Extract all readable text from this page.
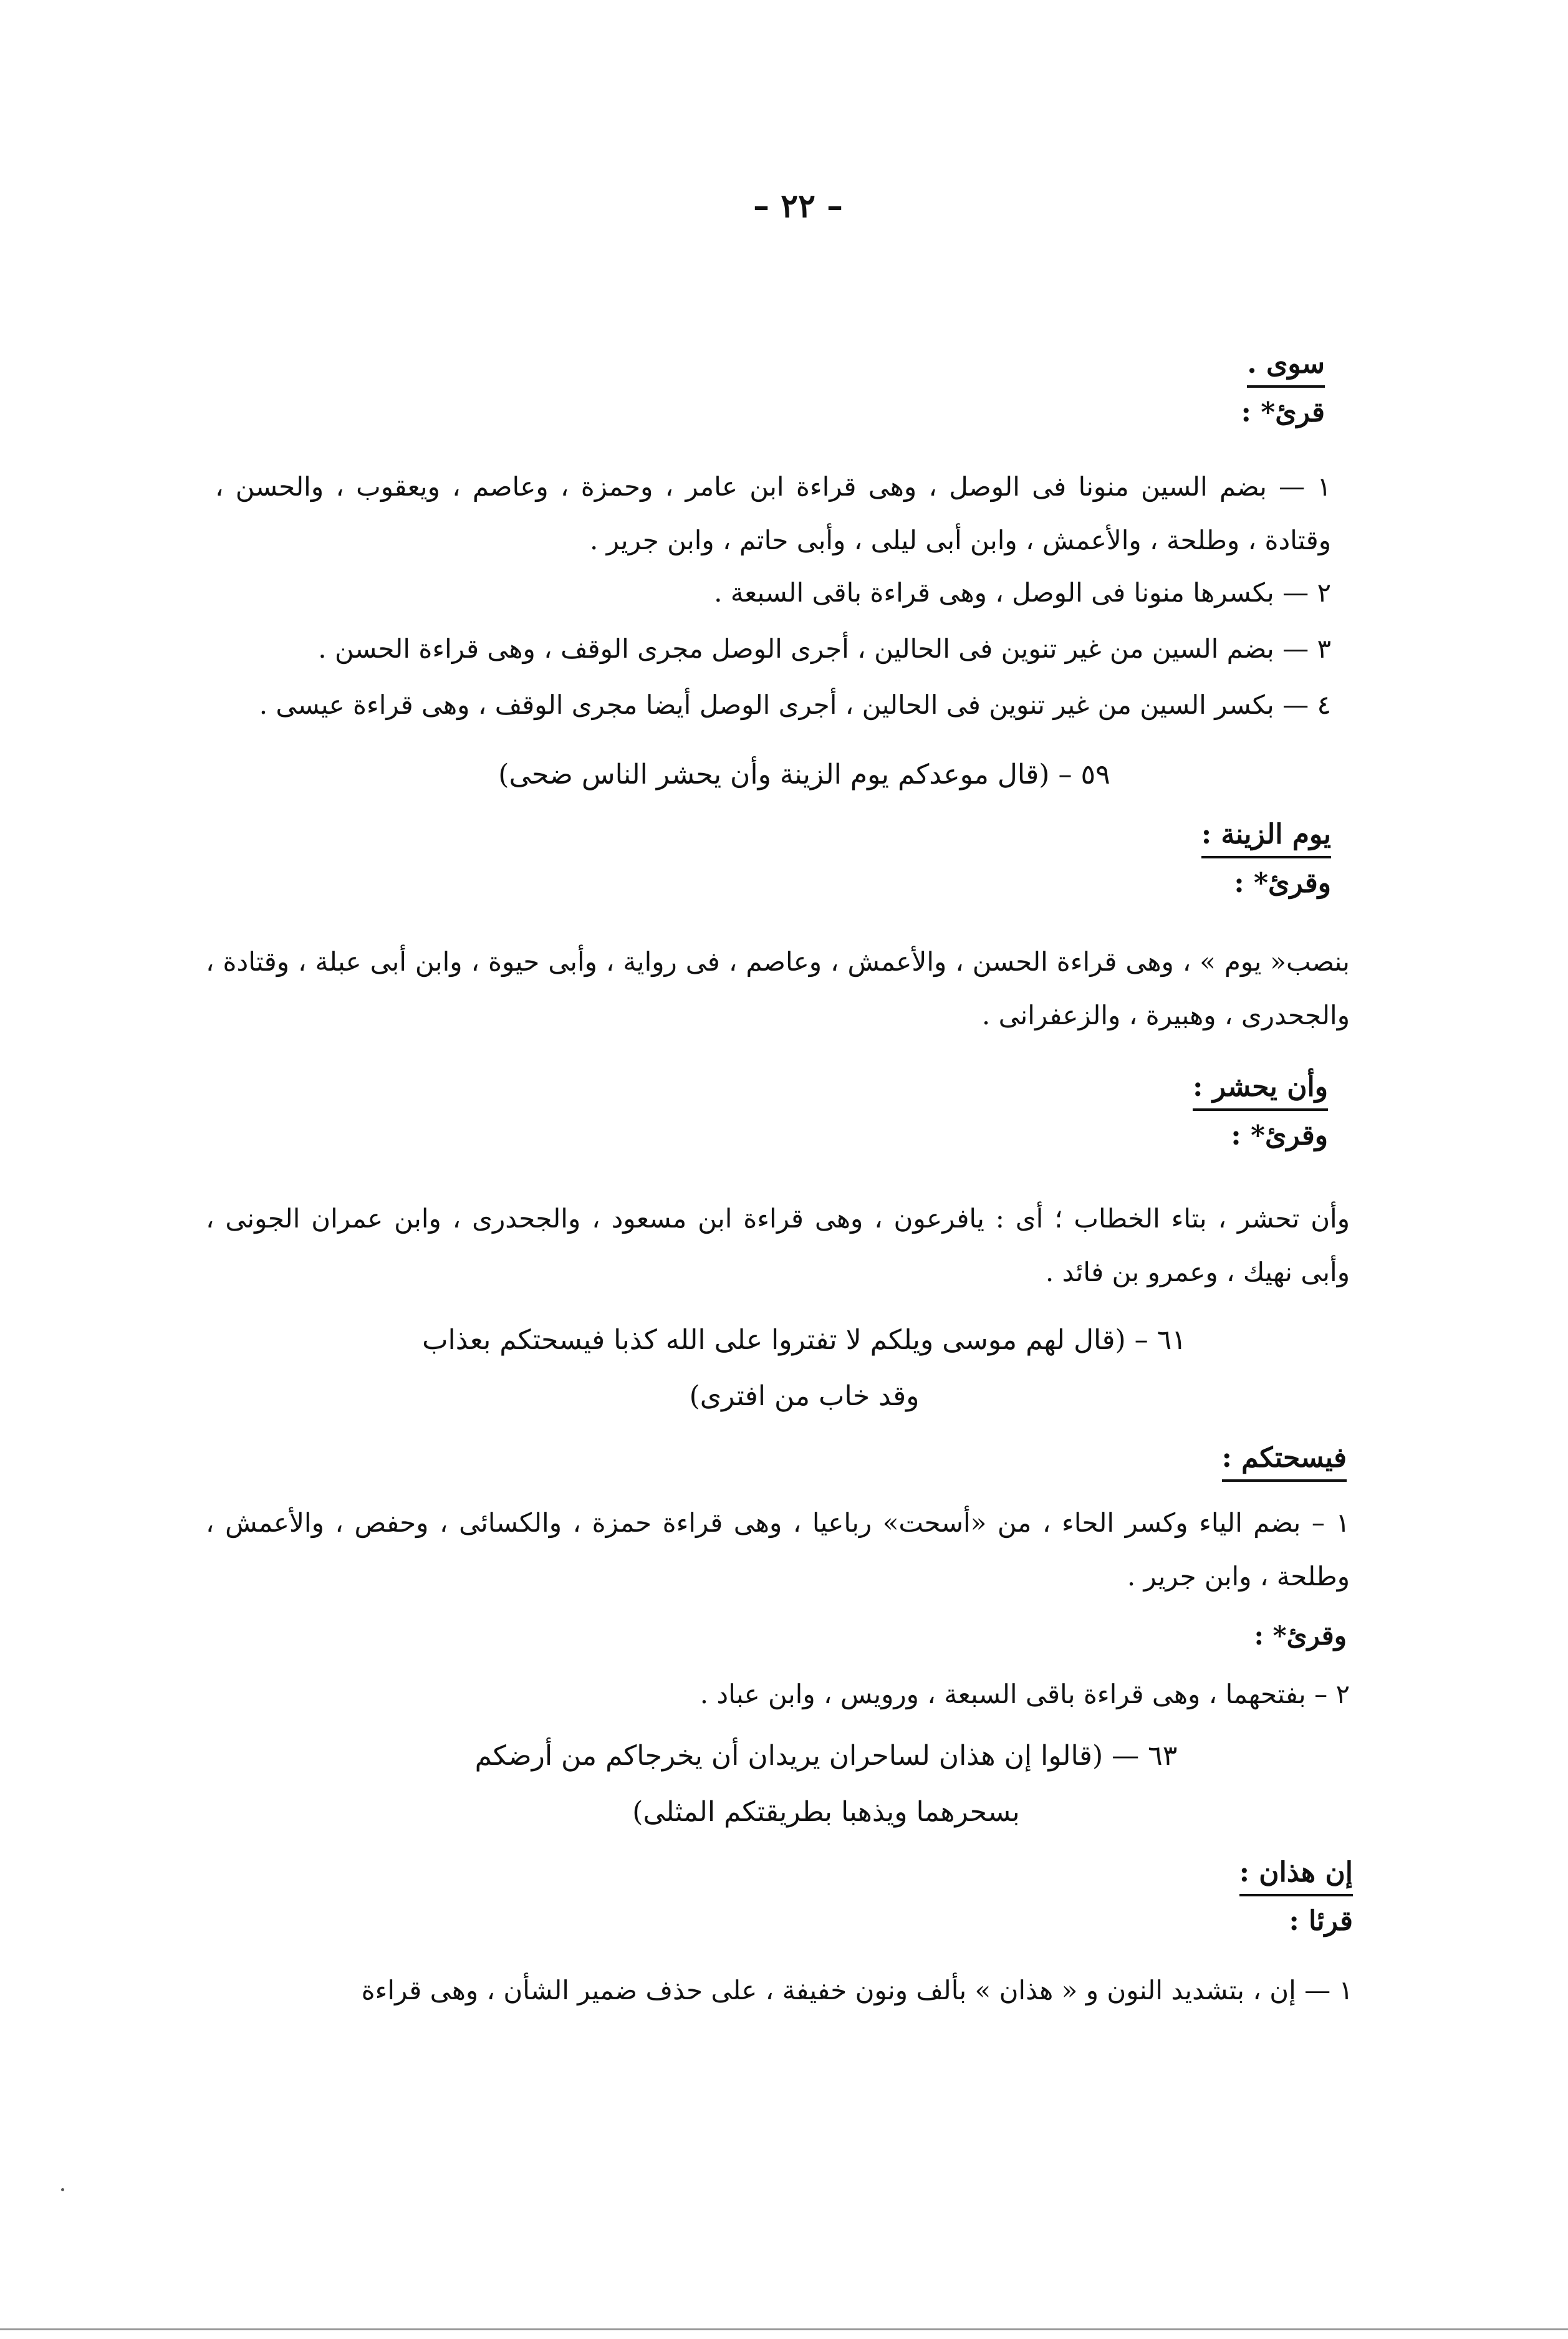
– ٢٢ –
سوى .
قرئ* :
١ — بضم السين منونا فى الوصل ، وهى قراءة ابن عامر ، وحمزة ، وعاصم ، ويعقوب ، والحسن ، وقتادة ، وطلحة ، والأعمش ، وابن أبى ليلى ، وأبى حاتم ، وابن جرير .
٢ — بكسرها منونا فى الوصل ، وهى قراءة باقى السبعة .
٣ — بضم السين من غير تنوين فى الحالين ، أجرى الوصل مجرى الوقف ، وهى قراءة الحسن .
٤ — بكسر السين من غير تنوين فى الحالين ، أجرى الوصل أيضا مجرى الوقف ، وهى قراءة عيسى .
٥٩ – (قال موعدكم يوم الزينة وأن يحشر الناس ضحى)
يوم الزينة :
وقرئ* :
بنصب« يوم » ، وهى قراءة الحسن ، والأعمش ، وعاصم ، فى رواية ، وأبى حيوة ، وابن أبى عبلة ، وقتادة ، والجحدرى ، وهبيرة ، والزعفرانى .
وأن يحشر :
وقرئ* :
وأن تحشر ، بتاء الخطاب ؛ أى : يافرعون ، وهى قراءة ابن مسعود ، والجحدرى ، وابن عمران الجونى ، وأبى نهيك ، وعمرو بن فائد .
٦١ – (قال لهم موسى ويلكم لا تفتروا على الله كذبا فيسحتكم بعذاب
وقد خاب من افترى)
فيسحتكم :
١ – بضم الياء وكسر الحاء ، من «أسحت» رباعيا ، وهى قراءة حمزة ، والكسائى ، وحفص ، والأعمش ، وطلحة ، وابن جرير .
وقرئ* :
٢ – بفتحهما ، وهى قراءة باقى السبعة ، ورويس ، وابن عباد .
٦٣ — (قالوا إن هذان لساحران يريدان أن يخرجاكم من أرضكم
بسحرهما ويذهبا بطريقتكم المثلى)
إن هذان :
قرئا :
١ — إن ، بتشديد النون و « هذان » بألف ونون خفيفة ، على حذف ضمير الشأن ، وهى قراءة
